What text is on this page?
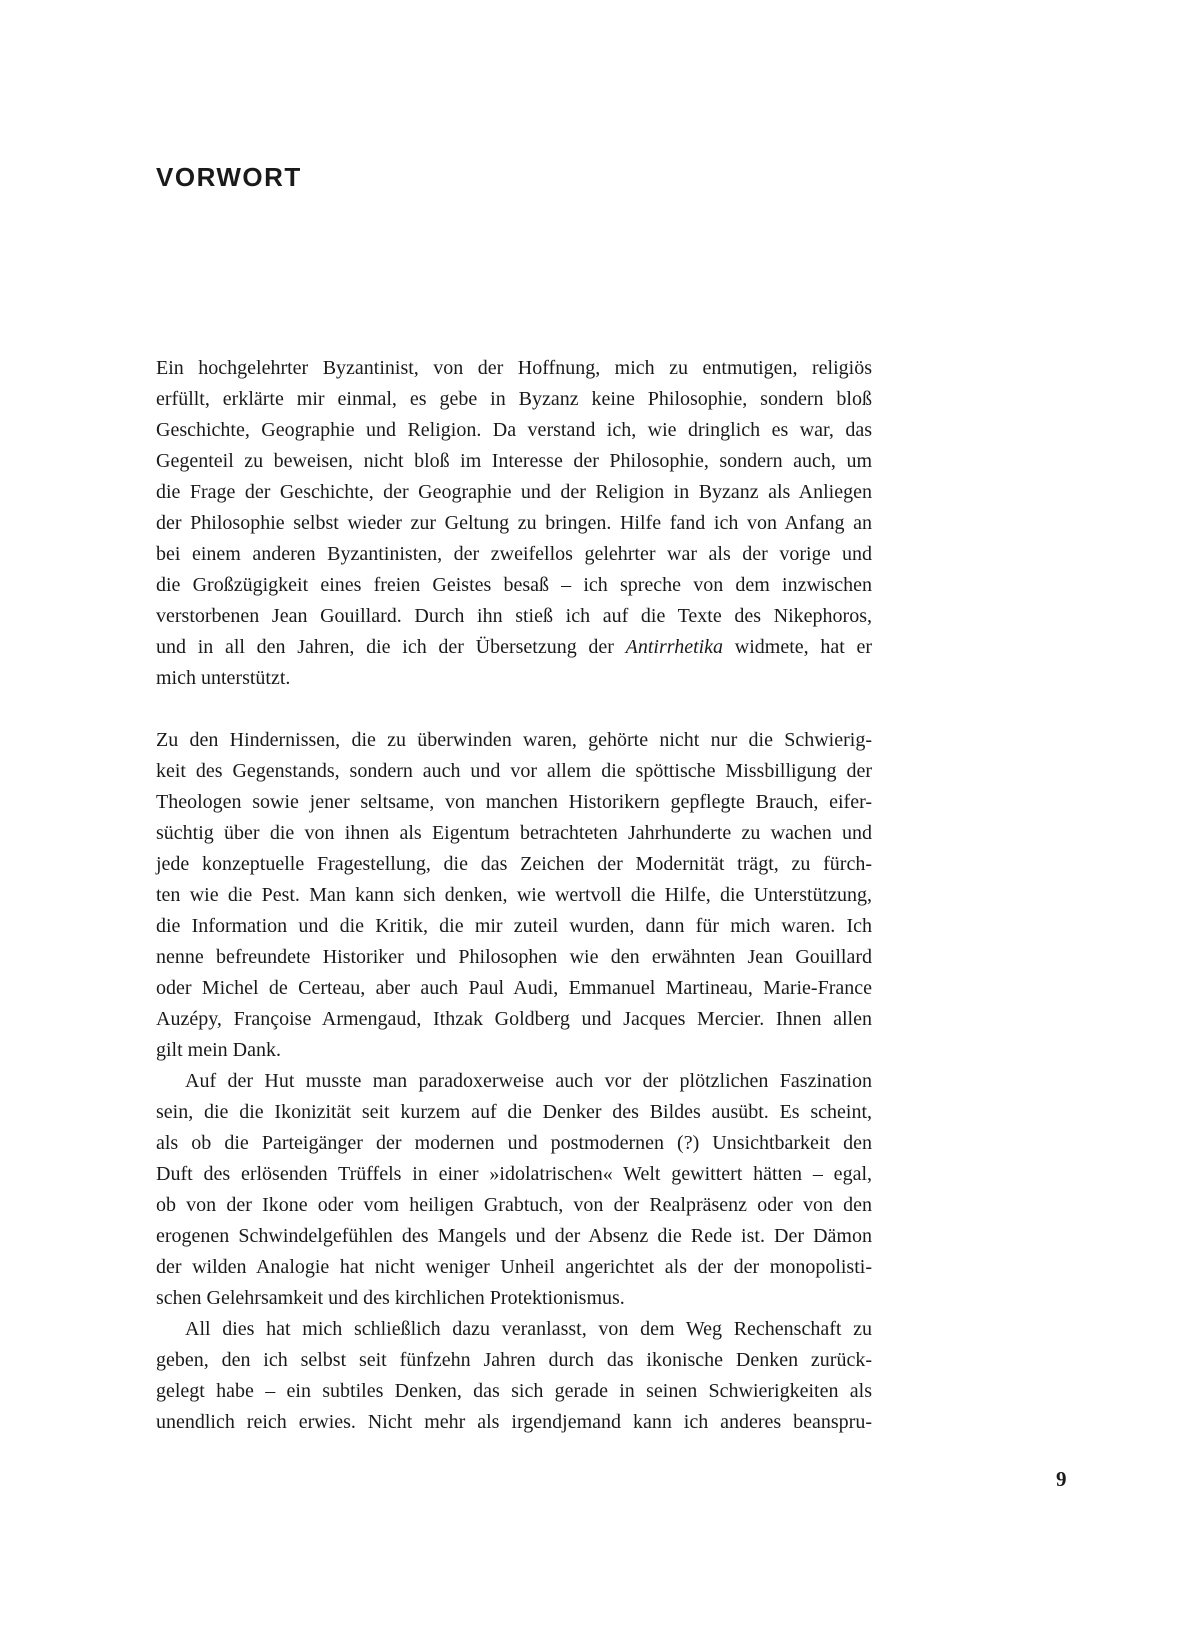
VORWORT
Ein hochgelehrter Byzantinist, von der Hoffnung, mich zu entmutigen, religiös
erfüllt, erklärte mir einmal, es gebe in Byzanz keine Philosophie, sondern bloß
Geschichte, Geographie und Religion. Da verstand ich, wie dringlich es war, das
Gegenteil zu beweisen, nicht bloß im Interesse der Philosophie, sondern auch, um
die Frage der Geschichte, der Geographie und der Religion in Byzanz als Anliegen
der Philosophie selbst wieder zur Geltung zu bringen. Hilfe fand ich von Anfang an
bei einem anderen Byzantinisten, der zweifellos gelehrter war als der vorige und
die Großzügigkeit eines freien Geistes besaß – ich spreche von dem inzwischen
verstorbenen Jean Gouillard. Durch ihn stieß ich auf die Texte des Nikephoros,
und in all den Jahren, die ich der Übersetzung der Antirrhetika widmete, hat er
mich unterstützt.
Zu den Hindernissen, die zu überwinden waren, gehörte nicht nur die Schwierig-
keit des Gegenstands, sondern auch und vor allem die spöttische Missbilligung der
Theologen sowie jener seltsame, von manchen Historikern gepflegte Brauch, eifer-
süchtig über die von ihnen als Eigentum betrachteten Jahrhunderte zu wachen und
jede konzeptuelle Fragestellung, die das Zeichen der Modernität trägt, zu fürch-
ten wie die Pest. Man kann sich denken, wie wertvoll die Hilfe, die Unterstützung,
die Information und die Kritik, die mir zuteil wurden, dann für mich waren. Ich
nenne befreundete Historiker und Philosophen wie den erwähnten Jean Gouillard
oder Michel de Certeau, aber auch Paul Audi, Emmanuel Martineau, Marie-France
Auzépy, Françoise Armengaud, Ithzak Goldberg und Jacques Mercier. Ihnen allen
gilt mein Dank.
Auf der Hut musste man paradoxerweise auch vor der plötzlichen Faszination
sein, die die Ikonizität seit kurzem auf die Denker des Bildes ausübt. Es scheint,
als ob die Parteigänger der modernen und postmodernen (?) Unsichtbarkeit den
Duft des erlösenden Trüffels in einer »idolatrischen« Welt gewittert hätten – egal,
ob von der Ikone oder vom heiligen Grabtuch, von der Realpräsenz oder von den
erogenen Schwindelgefühlen des Mangels und der Absenz die Rede ist. Der Dämon
der wilden Analogie hat nicht weniger Unheil angerichtet als der der monopolisti-
schen Gelehrsamkeit und des kirchlichen Protektionismus.
All dies hat mich schließlich dazu veranlasst, von dem Weg Rechenschaft zu
geben, den ich selbst seit fünfzehn Jahren durch das ikonische Denken zurück-
gelegt habe – ein subtiles Denken, das sich gerade in seinen Schwierigkeiten als
unendlich reich erwies. Nicht mehr als irgendjemand kann ich anderes beanspru-
9
